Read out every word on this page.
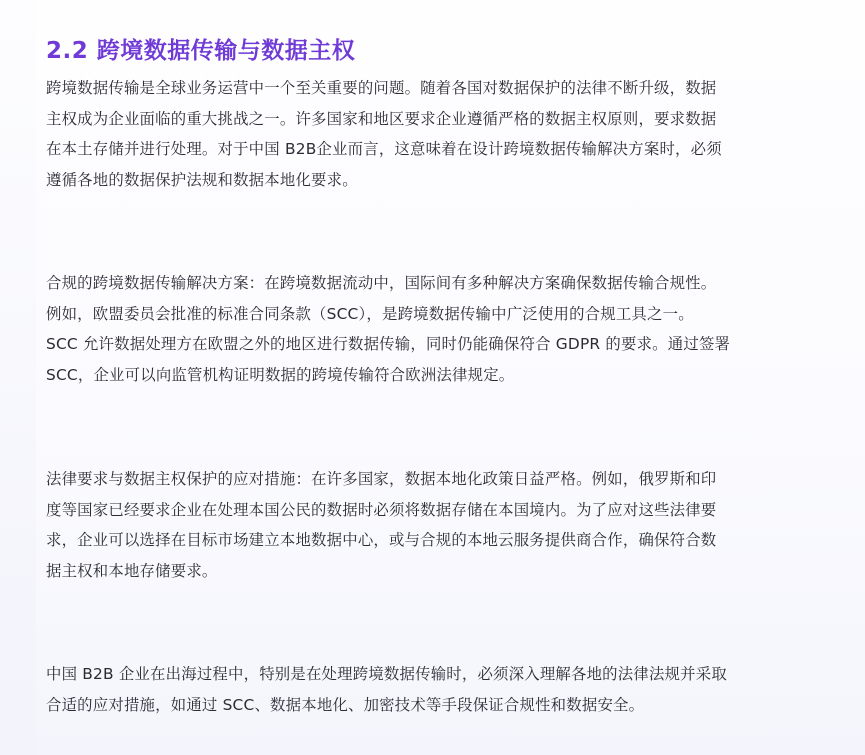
2.2 跨境数据传输与数据主权

跨境数据传输是全球业务运营中一个至关重要的问题。随着各国对数据保护的法律不断升级，数据
主权成为企业面临的重大挑战之一。许多国家和地区要求企业遵循严格的数据主权原则，要求数据
在本土存储并进行处理。对于中国 B2B企业而言，这意味着在设计跨境数据传输解决方案时，必须
遵循各地的数据保护法规和数据本地化要求。

合规的跨境数据传输解决方案：在跨境数据流动中，国际间有多种解决方案确保数据传输合规性。
例如，欧盟委员会批准的标准合同条款（SCC），是跨境数据传输中广泛使用的合规工具之一。
SCC 允许数据处理方在欧盟之外的地区进行数据传输，同时仍能确保符合 GDPR 的要求。通过签署
SCC，企业可以向监管机构证明数据的跨境传输符合欧洲法律规定。

法律要求与数据主权保护的应对措施：在许多国家，数据本地化政策日益严格。例如，俄罗斯和印
度等国家已经要求企业在处理本国公民的数据时必须将数据存储在本国境内。为了应对这些法律要
求，企业可以选择在目标市场建立本地数据中心，或与合规的本地云服务提供商合作，确保符合数
据主权和本地存储要求。

中国 B2B 企业在出海过程中，特别是在处理跨境数据传输时，必须深入理解各地的法律法规并采取
合适的应对措施，如通过 SCC、数据本地化、加密技术等手段保证合规性和数据安全。
